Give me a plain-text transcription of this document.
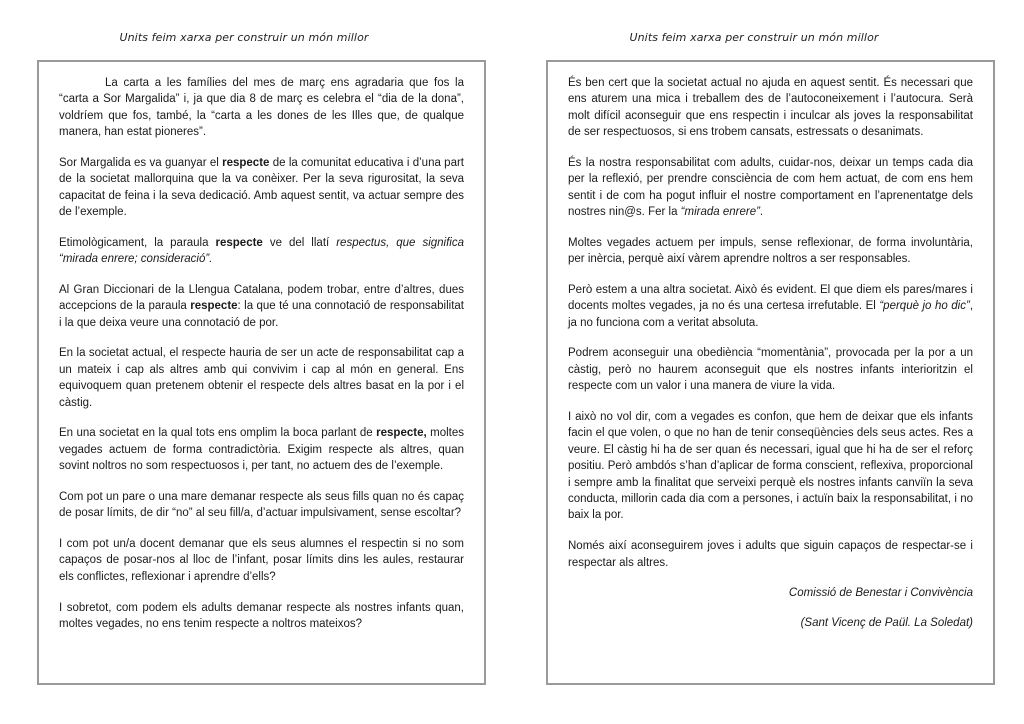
Units feim xarxa per construir un món millor	Units feim xarxa per construir un món millor

La carta a les famílies del mes de març ens agradaria que fos la “carta a Sor Margalida” i, ja que dia 8 de març es celebra el “dia de la dona”, voldríem que fos, també, la “carta a les dones de les Illes que, de qualque manera, han estat pioneres”.

Sor Margalida es va guanyar el respecte de la comunitat educativa i d’una part de la societat mallorquina que la va conèixer. Per la seva rigurositat, la seva capacitat de feina i la seva dedicació. Amb aquest sentit, va actuar sempre des de l’exemple.

Etimològicament, la paraula respecte ve del llatí respectus, que significa “mirada enrere; consideració”.

Al Gran Diccionari de la Llengua Catalana, podem trobar, entre d’altres, dues accepcions de la paraula respecte: la que té una connotació de responsabilitat i la que deixa veure una connotació de por.

En la societat actual, el respecte hauria de ser un acte de responsabilitat cap a un mateix i cap als altres amb qui convivim i cap al món en general. Ens equivoquem quan pretenem obtenir el respecte dels altres basat en la por i el càstig.

En una societat en la qual tots ens omplim la boca parlant de respecte, moltes vegades actuem de forma contradictòria. Exigim respecte als altres, quan sovint noltros no som respectuosos i, per tant, no actuem des de l’exemple.

Com pot un pare o una mare demanar respecte als seus fills quan no és capaç de posar límits, de dir “no” al seu fill/a, d’actuar impulsivament, sense escoltar?

I com pot un/a docent demanar que els seus alumnes el respectin si no som capaços de posar-nos al lloc de l’infant, posar límits dins les aules, restaurar els conflictes, reflexionar i aprendre d’ells?

I sobretot, com podem els adults demanar respecte als nostres infants quan, moltes vegades, no ens tenim respecte a noltros mateixos?

És ben cert que la societat actual no ajuda en aquest sentit. És necessari que ens aturem una mica i treballem des de l’autoconeixement i l’autocura. Serà molt difícil aconseguir que ens respectin i inculcar als joves la responsabilitat de ser respectuosos, si ens trobem cansats, estressats o desanimats.

És la nostra responsabilitat com adults, cuidar-nos, deixar un temps cada dia per la reflexió, per prendre consciència de com hem actuat, de com ens hem sentit i de com ha pogut influir el nostre comportament en l’aprenentatge dels nostres nin@s. Fer la “mirada enrere”.

Moltes vegades actuem per impuls, sense reflexionar, de forma involuntària, per inèrcia, perquè així vàrem aprendre noltros a ser responsables.

Però estem a una altra societat. Això és evident. El que diem els pares/mares i docents moltes vegades, ja no és una certesa irrefutable. El “perquè jo ho dic”, ja no funciona com a veritat absoluta.

Podrem aconseguir una obediència “momentània”, provocada per la por a un càstig, però no haurem aconseguit que els nostres infants interioritzin el respecte com un valor i una manera de viure la vida.

I això no vol dir, com a vegades es confon, que hem de deixar que els infants facin el que volen, o que no han de tenir conseqüències dels seus actes. Res a veure. El càstig hi ha de ser quan és necessari, igual que hi ha de ser el reforç positiu. Però ambdós s’han d’aplicar de forma conscient, reflexiva, proporcional i sempre amb la finalitat que serveixi perquè els nostres infants canviïn la seva conducta, millorin cada dia com a persones, i actuïn baix la responsabilitat, i no baix la por.

Només així aconseguirem joves i adults que siguin capaços de respectar-se i respectar als altres.

Comissió de Benestar i Convivència

(Sant Vicenç de Paül. La Soledat)
